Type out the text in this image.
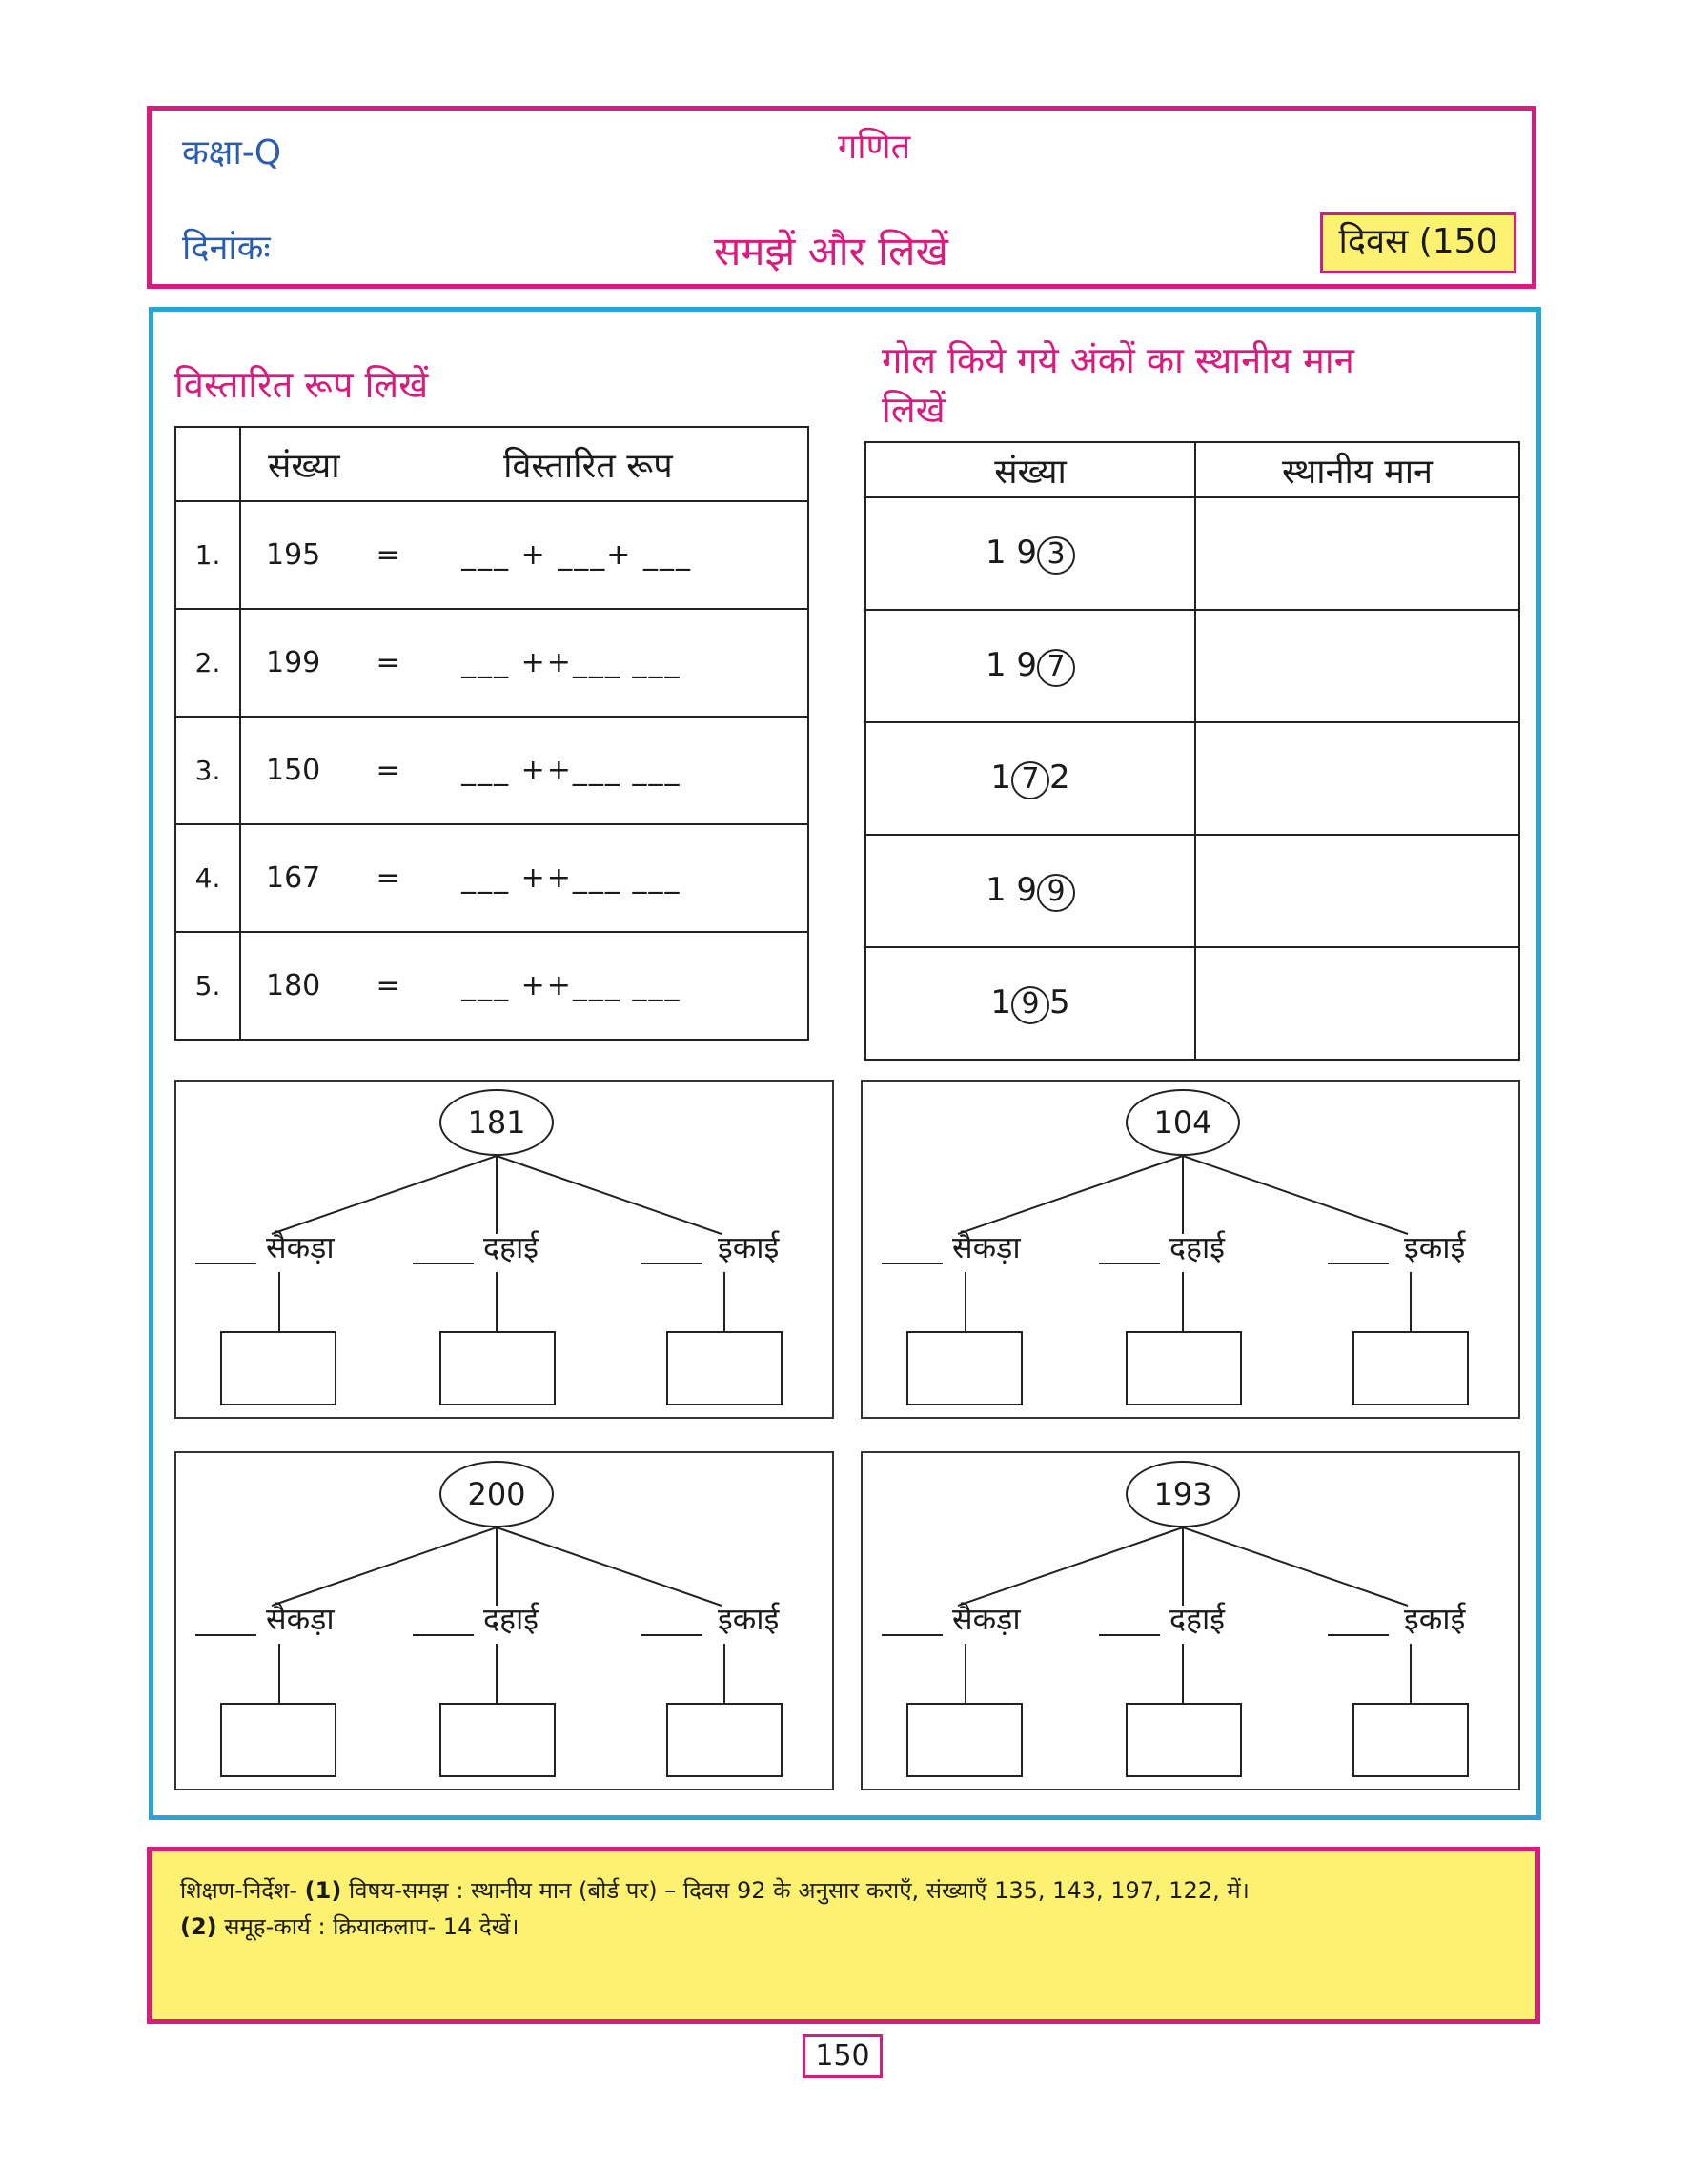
कक्षा-Q	गणित
दिनांकः	समझें और लिखें	दिवस (150
विस्तारित रूप लिखें
	संख्या विस्तारित रूप
1.	195 = ___ + ___+ ___
2.	199 = ___ ++___ ___
3.	150 = ___ ++___ ___
4.	167 = ___ ++___ ___
5.	180 = ___ ++___ ___
गोल किये गये अंकों का स्थानीय मान
लिखें
संख्या	स्थानीय मान
1 9 3	
1 9 7	
1 7 2	
1 9 9	
1 9 5	
181
सैकड़ा	दहाई	इकाई
104
सैकड़ा	दहाई	इकाई
200
सैकड़ा	दहाई	इकाई
193
सैकड़ा	दहाई	इकाई
शिक्षण-निर्देश- (1) विषय-समझ : स्थानीय मान (बोर्ड पर) – दिवस 92 के अनुसार कराएँ, संख्याएँ 135, 143, 197, 122, में।
(2) समूह-कार्य : क्रियाकलाप- 14 देखें।
150
